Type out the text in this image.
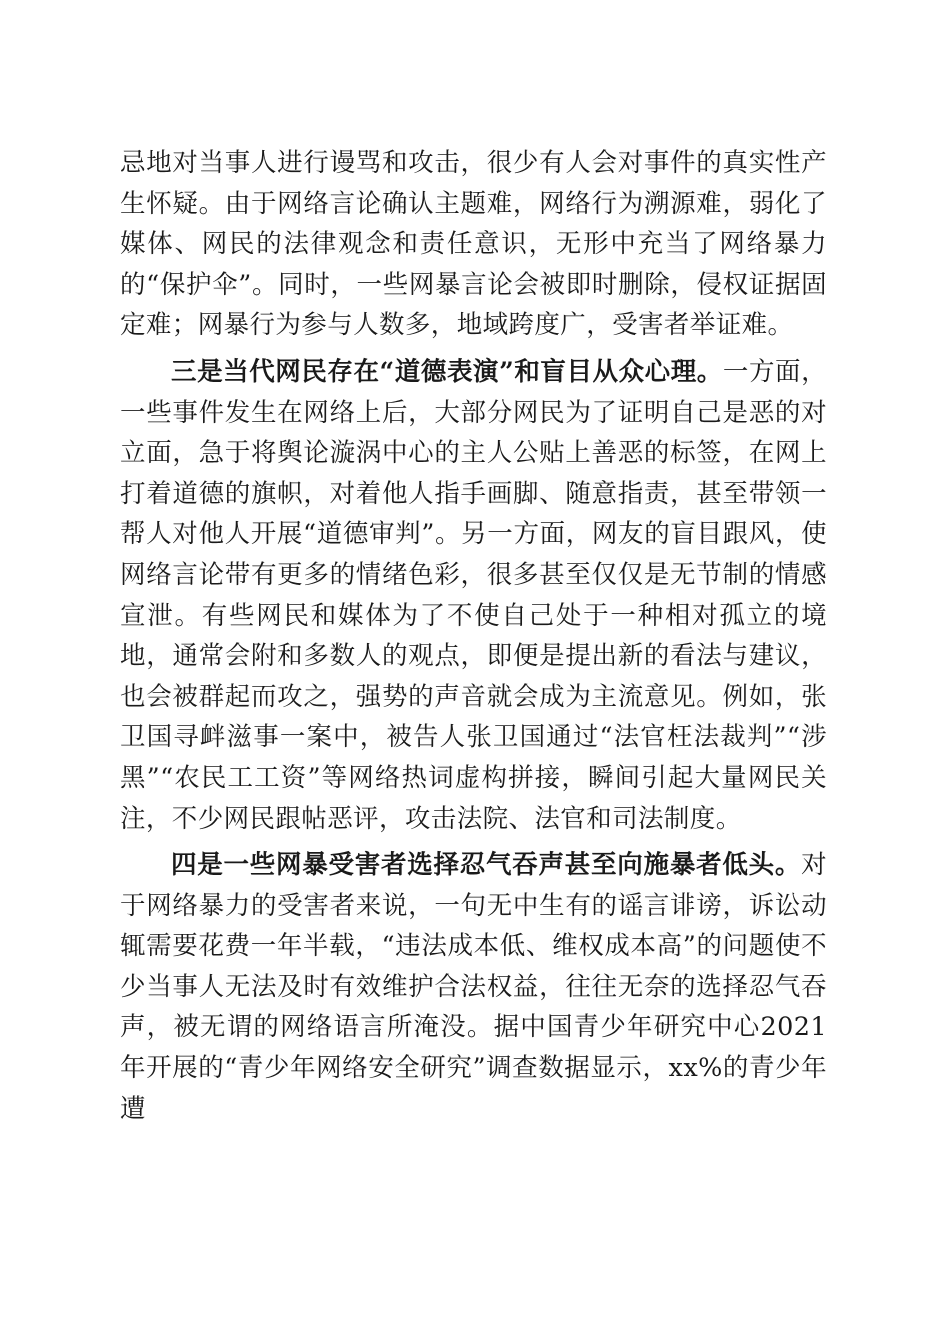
忌地对当事人进行谩骂和攻击，很少有人会对事件的真实性产生怀疑。由于网络言论确认主题难，网络行为溯源难，弱化了媒体、网民的法律观念和责任意识，无形中充当了网络暴力的“保护伞”。同时，一些网暴言论会被即时删除，侵权证据固定难；网暴行为参与人数多，地域跨度广，受害者举证难。

三是当代网民存在“道德表演”和盲目从众心理。一方面，一些事件发生在网络上后，大部分网民为了证明自己是恶的对立面，急于将舆论漩涡中心的主人公贴上善恶的标签，在网上打着道德的旗帜，对着他人指手画脚、随意指责，甚至带领一帮人对他人开展“道德审判”。另一方面，网友的盲目跟风，使网络言论带有更多的情绪色彩，很多甚至仅仅是无节制的情感宣泄。有些网民和媒体为了不使自己处于一种相对孤立的境地，通常会附和多数人的观点，即便是提出新的看法与建议，也会被群起而攻之，强势的声音就会成为主流意见。例如，张卫国寻衅滋事一案中，被告人张卫国通过“法官枉法裁判”“涉黑”“农民工工资”等网络热词虚构拼接，瞬间引起大量网民关注，不少网民跟帖恶评，攻击法院、法官和司法制度。

四是一些网暴受害者选择忍气吞声甚至向施暴者低头。对于网络暴力的受害者来说，一句无中生有的谣言诽谤，诉讼动辄需要花费一年半载，“违法成本低、维权成本高”的问题使不少当事人无法及时有效维护合法权益，往往无奈的选择忍气吞声，被无谓的网络语言所淹没。据中国青少年研究中心2021年开展的“青少年网络安全研究”调查数据显示，xx%的青少年遭
